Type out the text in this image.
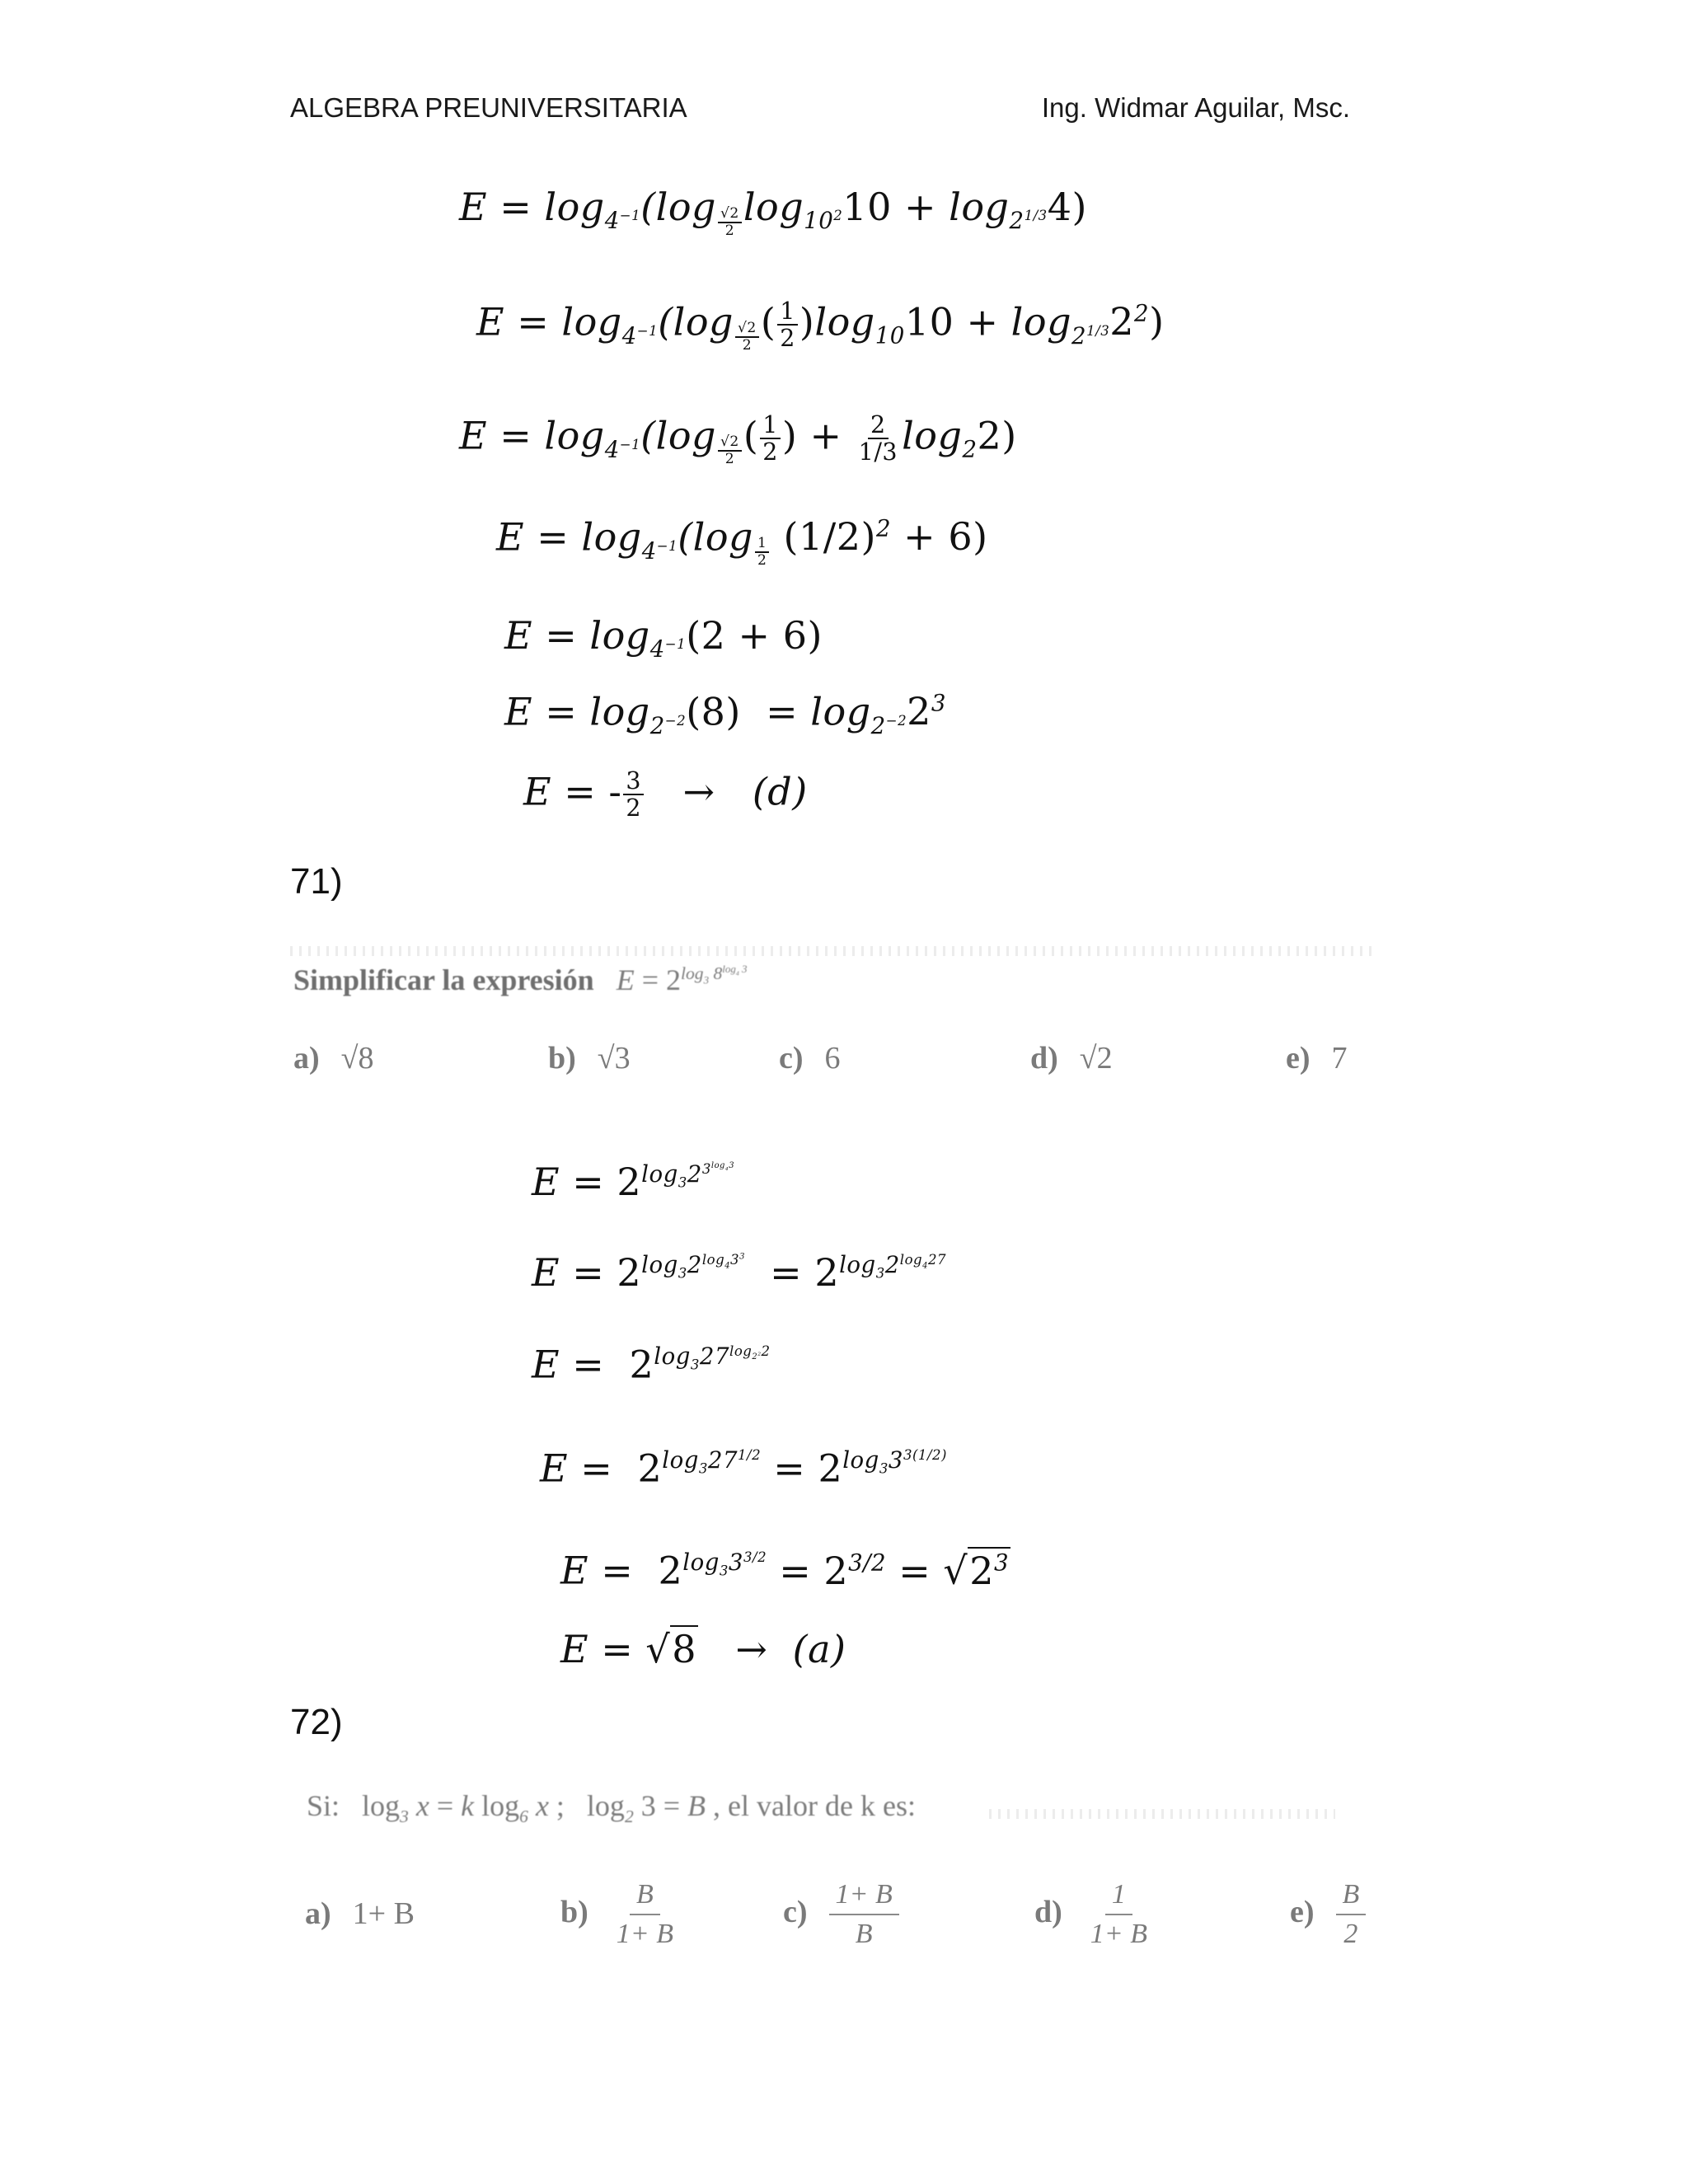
ALGEBRA PREUNIVERSITARIA	Ing. Widmar Aguilar, Msc.
$E = \log_{4^{-1}}(\log$ $_{\frac{√2}{2}}$ $\log_{10^2}10 + \log_{2^{1/3}}4$)
$E = \log_{4^{-1}}(\log$ $_{\frac{√2}{2}}$ ( $\frac{1}{2} )\log_{10}10 + \log_{2^{1/3}}2^2$)
$E = \log_{4^{-1}}(\log$ $_{\frac{√2}{2}}$ ( $\frac{1}{2}$ ) + $\frac{2}{1/3} \log_22$)
$E = \log_{4^{-1}}(\log$ $_{\frac{1}{2}}$ $(1/2)^2 + 6$)
$E = \log_{4^{-1}}(2 + 6)$
$E = \log_{2^{-2}}(8) = \log_{2^{-2}}2^3$
E = - $\frac{3}{2} \to (d)$
71)
Simplificar la expresión $E = 2^{log_3 8^{log_4 3}}$
a) √8	b) √3	c) 6	d) √2	e) 7
$E = 2^{log_32^{3^{log_43}}}$
$E = 2^{log_32^{log_43^3}} = 2^{log_32^{log_427}}$
$E = 2^{log_327^{log_{2^2}2}}$
$E = 2^{log_327^{1/2}} = 2^{log_33^{3(1/2)}}$
$E = 2^{log_33^{3/2}} = 2^{3/2} = √2^3$
E = √8   →  (a)
72)
Si:   $\log_3 x = k$ $\log_6 x$ ;   $\log_2 3 = B$ , el valor de k es:
a) 1+ B	$b) \frac{B}{1+ B}$	$c) \frac{1+ B}{B}$	$d) \frac{1}{1+ B}$	$e) \frac{B}{2}$
